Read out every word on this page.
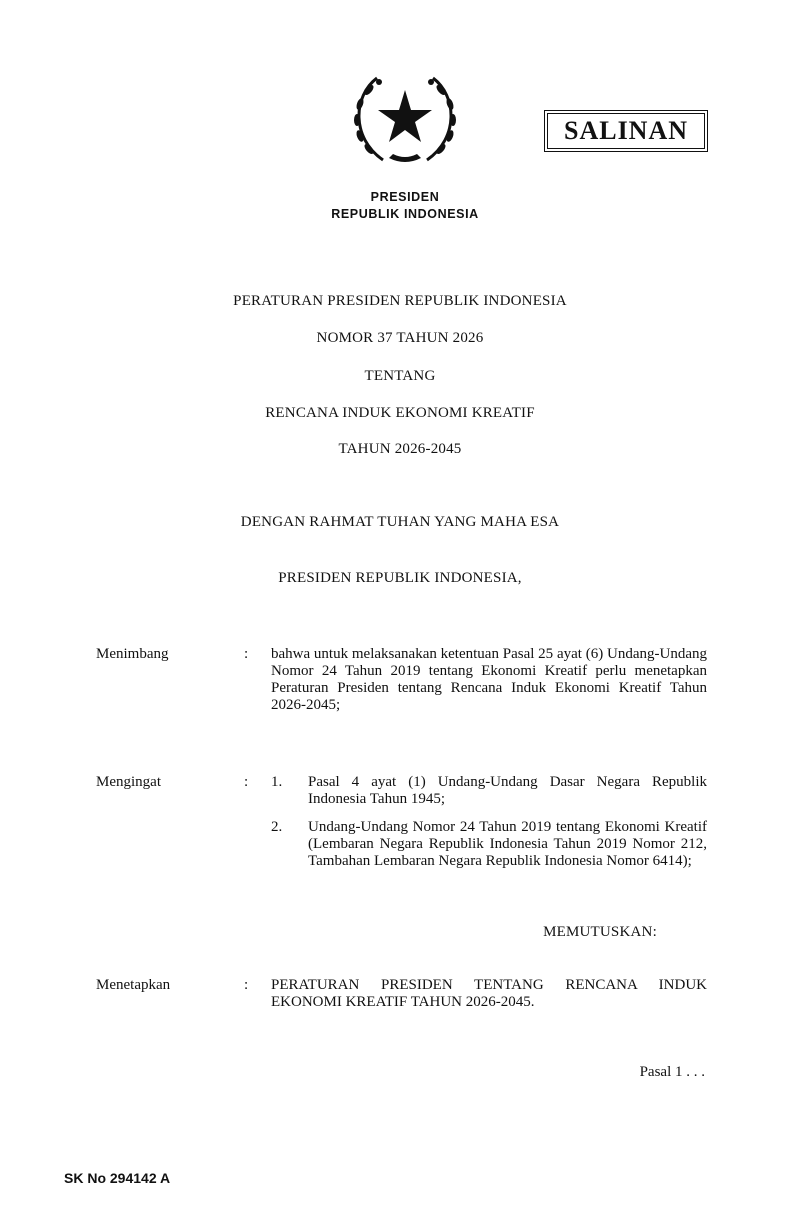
SALINAN
PRESIDEN
REPUBLIK INDONESIA
PERATURAN PRESIDEN REPUBLIK INDONESIA
NOMOR 37 TAHUN 2026
TENTANG
RENCANA INDUK EKONOMI KREATIF
TAHUN 2026-2045
DENGAN RAHMAT TUHAN YANG MAHA ESA
PRESIDEN REPUBLIK INDONESIA,
Menimbang	: bahwa untuk melaksanakan ketentuan Pasal 25 ayat (6) Undang-Undang Nomor 24 Tahun 2019 tentang Ekonomi Kreatif perlu menetapkan Peraturan Presiden tentang Rencana Induk Ekonomi Kreatif Tahun 2026-2045;
Mengingat	: 1. Pasal 4 ayat (1) Undang-Undang Dasar Negara Republik Indonesia Tahun 1945;
2. Undang-Undang Nomor 24 Tahun 2019 tentang Ekonomi Kreatif (Lembaran Negara Republik Indonesia Tahun 2019 Nomor 212, Tambahan Lembaran Negara Republik Indonesia Nomor 6414);
MEMUTUSKAN:
Menetapkan	: PERATURAN PRESIDEN TENTANG RENCANA INDUK EKONOMI KREATIF TAHUN 2026-2045.
Pasal 1 . . .
SK No 294142 A
